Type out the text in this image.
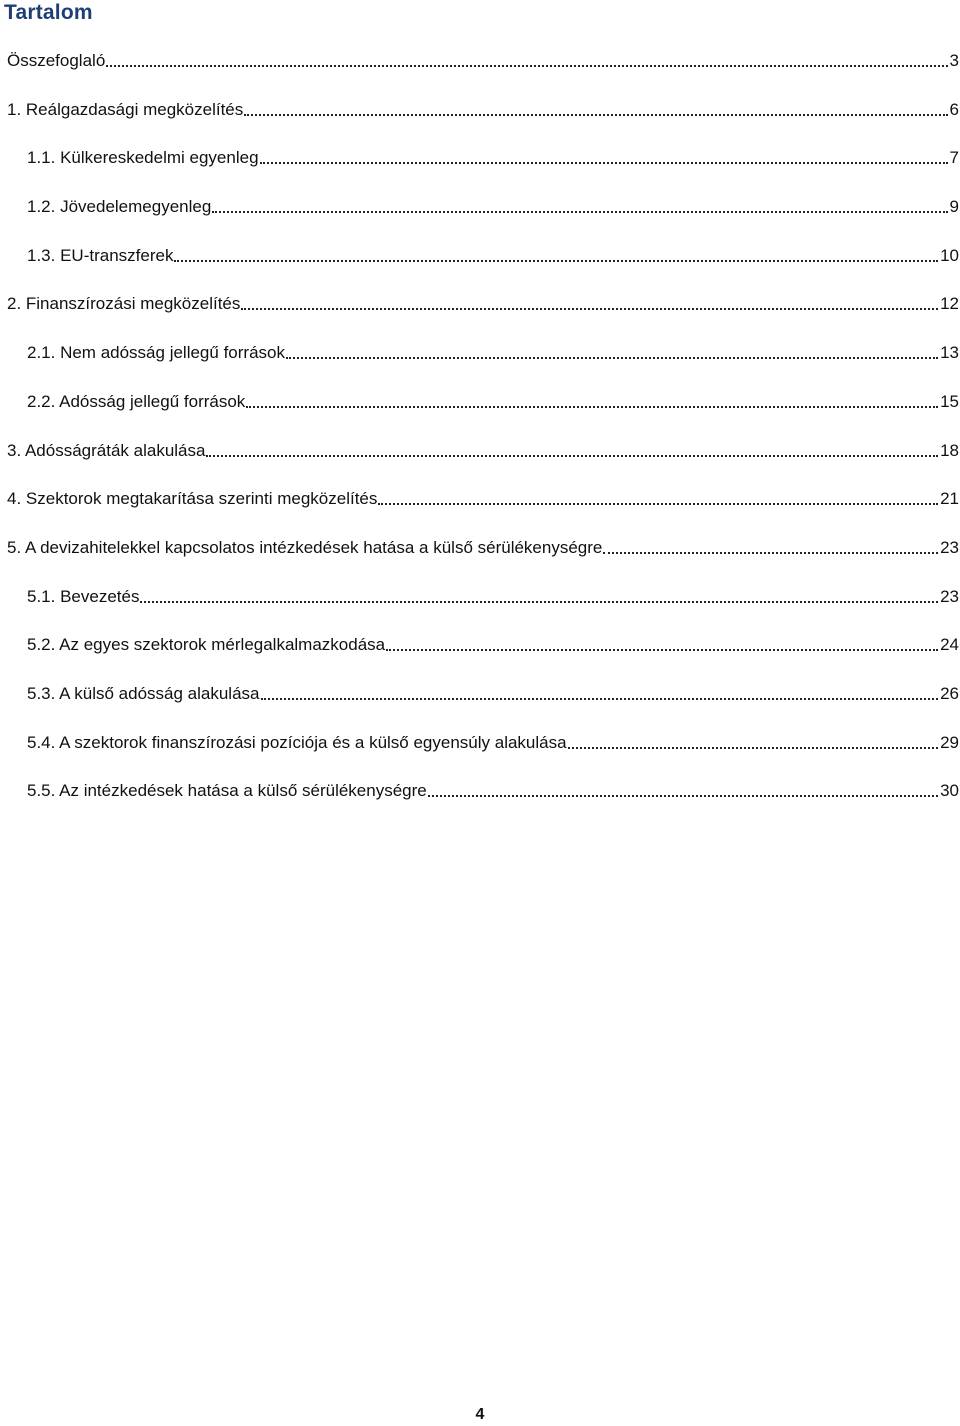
Tartalom
Összefoglaló	3
1. Reálgazdasági megközelítés	6
1.1. Külkereskedelmi egyenleg	7
1.2. Jövedelemegyenleg	9
1.3. EU-transzferek	10
2. Finanszírozási megközelítés	12
2.1. Nem adósság jellegű források	13
2.2. Adósság jellegű források	15
3. Adósságráták alakulása	18
4. Szektorok megtakarítása szerinti megközelítés	21
5. A devizahitelekkel kapcsolatos intézkedések hatása a külső sérülékenységre	23
5.1. Bevezetés	23
5.2. Az egyes szektorok mérlegalkalmazkodása	24
5.3. A külső adósság alakulása	26
5.4. A szektorok finanszírozási pozíciója és a külső egyensúly alakulása	29
5.5. Az intézkedések hatása a külső sérülékenységre	30
4
